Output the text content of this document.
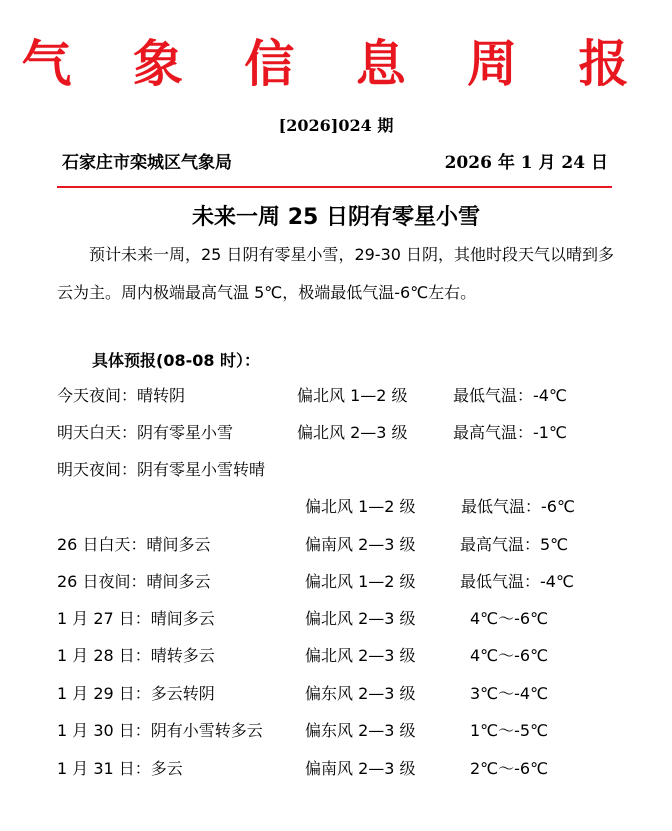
气 象 信 息 周 报
[2026]024 期
石家庄市栾城区气象局	2026 年 1 月 24 日
未来一周 25 日阴有零星小雪
预计未来一周，25 日阴有零星小雪，29-30 日阴，其他时段天气以晴到多云为主。周内极端最高气温 5℃，极端最低气温-6℃左右。
具体预报(08-08 时）：
今天夜间：晴转阴	偏北风 1—2 级	最低气温：-4℃
明天白天：阴有零星小雪	偏北风 2—3 级	最高气温：-1℃
明天夜间：阴有零星小雪转晴
偏北风 1—2 级	最低气温：-6℃
26 日白天：晴间多云	偏南风 2—3 级	最高气温：5℃
26 日夜间：晴间多云	偏北风 1—2 级	最低气温：-4℃
1 月 27 日：晴间多云	偏北风 2—3 级	4℃～-6℃
1 月 28 日：晴转多云	偏北风 2—3 级	4℃～-6℃
1 月 29 日：多云转阴	偏东风 2—3 级	3℃～-4℃
1 月 30 日：阴有小雪转多云	偏东风 2—3 级	1℃～-5℃
1 月 31 日：多云	偏南风 2—3 级	2℃～-6℃
